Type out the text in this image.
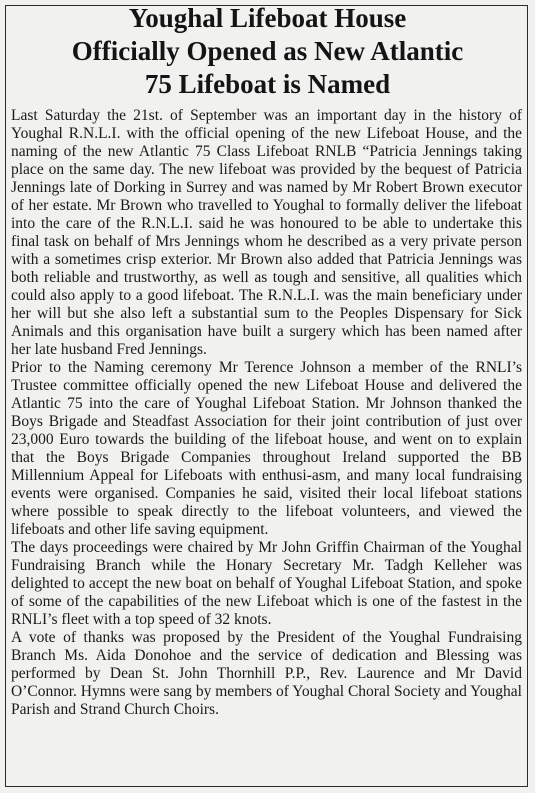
Youghal Lifeboat House
Officially Opened as New Atlantic
75 Lifeboat is Named

Last Saturday the 21st. of September was an important day in the history of Youghal R.N.L.I. with the official opening of the new Lifeboat House, and the naming of the new Atlantic 75 Class Lifeboat RNLB “Patricia Jennings taking place on the same day. The new lifeboat was provided by the bequest of Patricia Jennings late of Dorking in Surrey and was named by Mr Robert Brown executor of her estate. Mr Brown who travelled to Youghal to formally deliver the lifeboat into the care of the R.N.L.I. said he was honoured to be able to undertake this final task on behalf of Mrs Jennings whom he described as a very private person with a sometimes crisp exterior. Mr Brown also added that Patricia Jennings was both reliable and trustworthy, as well as tough and sensitive, all qualities which could also apply to a good lifeboat. The R.N.L.I. was the main beneficiary under her will but she also left a substantial sum to the Peoples Dispensary for Sick Animals and this organisation have built a surgery which has been named after her late husband Fred Jennings.

Prior to the Naming ceremony Mr Terence Johnson a member of the RNLI’s Trustee committee officially opened the new Lifeboat House and delivered the Atlantic 75 into the care of Youghal Lifeboat Station. Mr Johnson thanked the Boys Brigade and Steadfast Association for their joint contribution of just over 23,000 Euro towards the building of the lifeboat house, and went on to explain that the Boys Brigade Companies throughout Ireland supported the BB Millennium Appeal for Lifeboats with enthusi-asm, and many local fundraising events were organised. Companies he said, visited their local lifeboat stations where possible to speak directly to the lifeboat volunteers, and viewed the lifeboats and other life saving equipment.

The days proceedings were chaired by Mr John Griffin Chairman of the Youghal Fundraising Branch while the Honary Secretary Mr. Tadgh Kelleher was delighted to accept the new boat on behalf of Youghal Lifeboat Station, and spoke of some of the capabilities of the new Lifeboat which is one of the fastest in the RNLI’s fleet with a top speed of 32 knots.

A vote of thanks was proposed by the President of the Youghal Fundraising Branch Ms. Aida Donohoe and the service of dedication and Blessing was performed by Dean St. John Thornhill P.P., Rev. Laurence and Mr David O’Connor. Hymns were sang by members of Youghal Choral Society and Youghal Parish and Strand Church Choirs.
